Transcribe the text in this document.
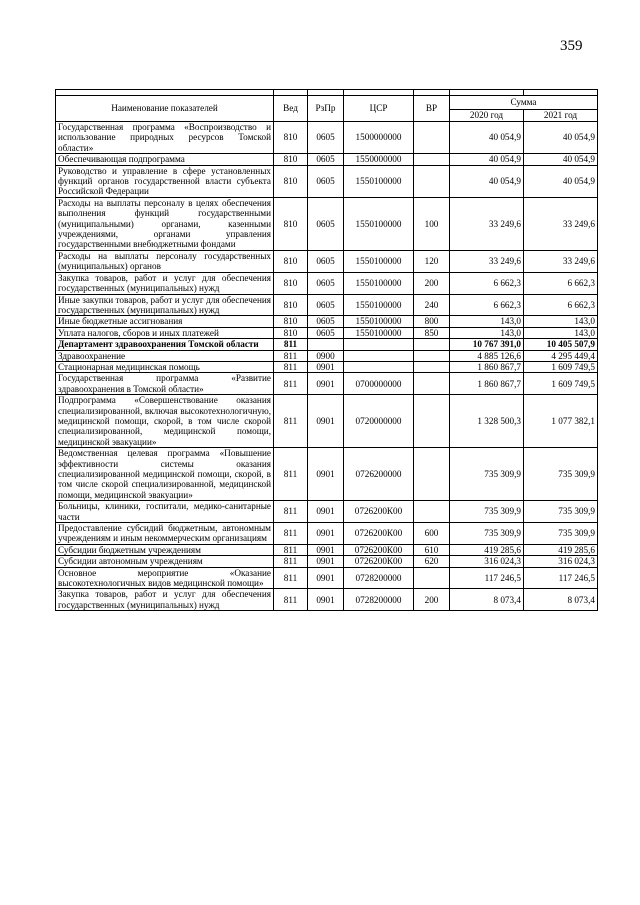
359

Наименование показателей	Вед	РзПр	ЦСР	ВР	Сумма	
					2020 год	2021 год
Государственная программа «Воспроизводство и использование природных ресурсов Томской области»	810	0605	1500000000		40 054,9	40 054,9
Обеспечивающая подпрограмма	810	0605	1550000000		40 054,9	40 054,9
Руководство и управление в сфере установленных функций органов государственной власти субъекта Российской Федерации	810	0605	1550100000		40 054,9	40 054,9
Расходы на выплаты персоналу в целях обеспечения выполнения функций государственными (муниципальными) органами, казенными учреждениями, органами управления государственными внебюджетными фондами	810	0605	1550100000	100	33 249,6	33 249,6
Расходы на выплаты персоналу государственных (муниципальных) органов	810	0605	1550100000	120	33 249,6	33 249,6
Закупка товаров, работ и услуг для обеспечения государственных (муниципальных) нужд	810	0605	1550100000	200	6 662,3	6 662,3
Иные закупки товаров, работ и услуг для обеспечения государственных (муниципальных) нужд	810	0605	1550100000	240	6 662,3	6 662,3
Иные бюджетные ассигнования	810	0605	1550100000	800	143,0	143,0
Уплата налогов, сборов и иных платежей	810	0605	1550100000	850	143,0	143,0
Департамент здравоохранения Томской области	811				10 767 391,0	10 405 507,9
Здравоохранение	811	0900			4 885 126,6	4 295 449,4
Стационарная медицинская помощь	811	0901			1 860 867,7	1 609 749,5
Государственная программа «Развитие здравоохранения в Томской области»	811	0901	0700000000		1 860 867,7	1 609 749,5
Подпрограмма «Совершенствование оказания специализированной, включая высокотехнологичную, медицинской помощи, скорой, в том числе скорой специализированной, медицинской помощи, медицинской эвакуации»	811	0901	0720000000		1 328 500,3	1 077 382,1
Ведомственная целевая программа «Повышение эффективности системы оказания специализированной медицинской помощи, скорой, в том числе скорой специализированной, медицинской помощи, медицинской эвакуации»	811	0901	0726200000		735 309,9	735 309,9
Больницы, клиники, госпитали, медико-санитарные части	811	0901	0726200К00		735 309,9	735 309,9
Предоставление субсидий бюджетным, автономным учреждениям и иным некоммерческим организациям	811	0901	0726200К00	600	735 309,9	735 309,9
Субсидии бюджетным учреждениям	811	0901	0726200К00	610	419 285,6	419 285,6
Субсидии автономным учреждениям	811	0901	0726200К00	620	316 024,3	316 024,3
Основное мероприятие «Оказание высокотехнологичных видов медицинской помощи»	811	0901	0728200000		117 246,5	117 246,5
Закупка товаров, работ и услуг для обеспечения государственных (муниципальных) нужд	811	0901	0728200000	200	8 073,4	8 073,4
